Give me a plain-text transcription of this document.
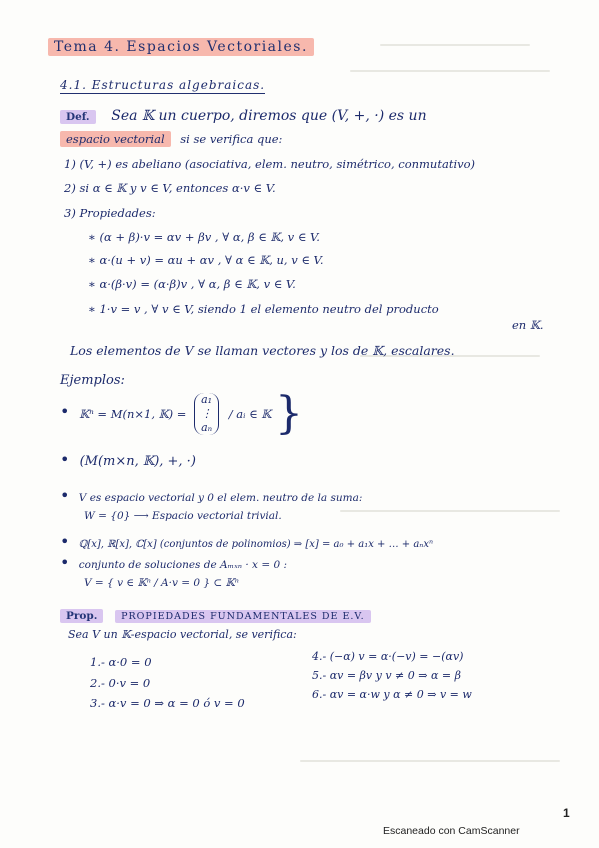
Tema 4. Espacios Vectoriales.
4.1. Estructuras algebraicas.
Def. Sea 𝕂 un cuerpo, diremos que (V, +, ·) es un
espacio vectorial si se verifica que:
1) (V, +) es abeliano (asociativa, elem. neutro, simétrico, conmutativo)
2) si α ∈ 𝕂 y v ∈ V, entonces α·v ∈ V.
3) Propiedades:
∗ (α + β)·v = αv + βv , ∀ α, β ∈ 𝕂, v ∈ V.
∗ α·(u + v) = αu + αv , ∀ α ∈ 𝕂, u, v ∈ V.
∗ α·(β·v) = (α·β)v , ∀ α, β ∈ 𝕂, v ∈ V.
∗ 1·v = v , ∀ v ∈ V, siendo 1 el elemento neutro del producto
en 𝕂.
Los elementos de V se llaman vectores y los de 𝕂, escalares.
Ejemplos:
• 𝕂ⁿ = M(n×1, 𝕂) =
a₁
⋮
aₙ
/ aᵢ ∈ 𝕂 }
• (M(m×n, 𝕂), +, ·)
• V es espacio vectorial y 0 el elem. neutro de la suma:
W = {0} ⟶ Espacio vectorial trivial.
• ℚ[x], ℝ[x], ℂ[x] (conjuntos de polinomios) ⇒ [x] = a₀ + a₁x + … + aₙxⁿ
• conjunto de soluciones de Aₘₓₙ · x = 0 :
V = { v ∈ 𝕂ⁿ / A·v = 0 } ⊂ 𝕂ⁿ
Prop. PROPIEDADES FUNDAMENTALES DE E.V.
Sea V un 𝕂-espacio vectorial, se verifica:
1.- α·0 = 0
2.- 0·v = 0
3.- α·v = 0 ⇒ α = 0 ó v = 0
4.- (−α) v = α·(−v) = −(αv)
5.- αv = βv y v ≠ 0 ⇒ α = β
6.- αv = α·w y α ≠ 0 ⇒ v = w
1
Escaneado con CamScanner
